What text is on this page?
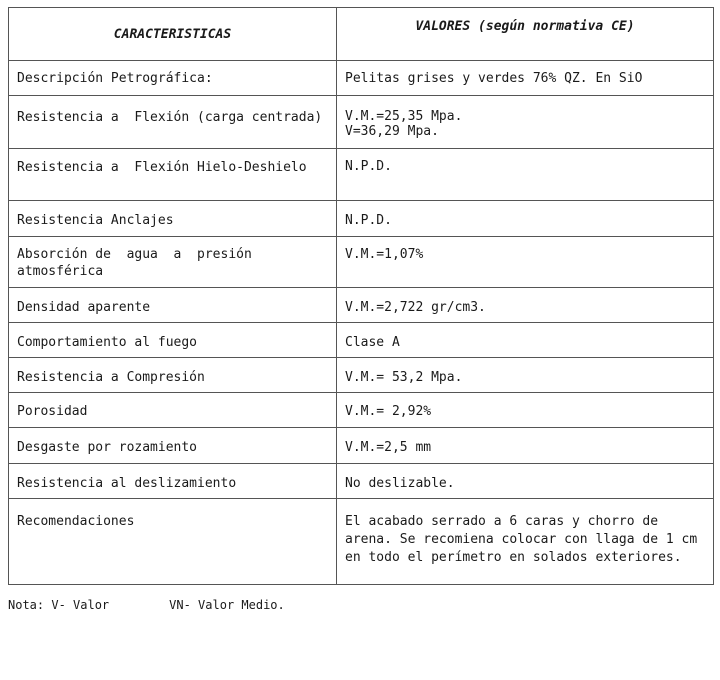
CARACTERISTICAS	VALORES (según normativa CE)
Descripción Petrográfica:	Pelitas grises y verdes 76% QZ. En SiO
Resistencia a  Flexión (carga centrada)	V.M.=25,35 Mpa.
V=36,29 Mpa.
Resistencia a  Flexión Hielo-Deshielo	N.P.D.
Resistencia Anclajes	N.P.D.
Absorción de  agua  a  presión atmosférica	V.M.=1,07%
Densidad aparente	V.M.=2,722 gr/cm3.
Comportamiento al fuego	Clase A
Resistencia a Compresión	V.M.= 53,2 Mpa.
Porosidad	V.M.= 2,92%
Desgaste por rozamiento	V.M.=2,5 mm
Resistencia al deslizamiento	No deslizable.
Recomendaciones	El acabado serrado a 6 caras y chorro de arena. Se recomiena colocar con llaga de 1 cm en todo el perímetro en solados exteriores.
Nota: V- Valor	VN- Valor Medio.
